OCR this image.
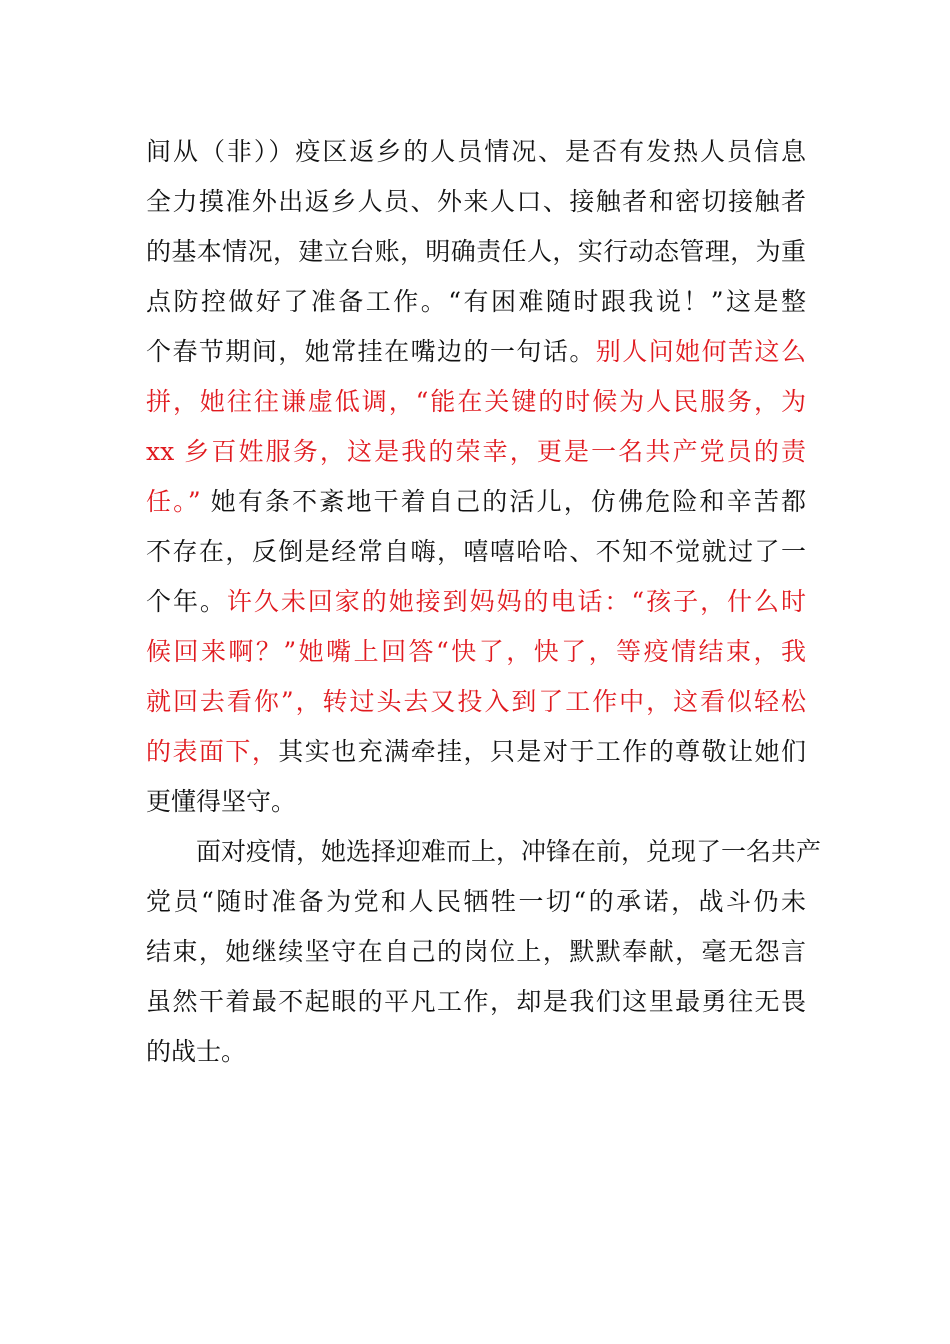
间从（非））疫区返乡的人员情况、是否有发热人员信息
全力摸准外出返乡人员、外来人口、接触者和密切接触者
的基本情况，建立台账，明确责任人，实行动态管理，为重
点防控做好了准备工作。“有困难随时跟我说！”这是整
个春节期间，她常挂在嘴边的一句话。别人问她何苦这么
拼，她往往谦虚低调，“能在关键的时候为人民服务，为
xx 乡百姓服务，这是我的荣幸，更是一名共产党员的责
任。” 她有条不紊地干着自己的活儿，仿佛危险和辛苦都
不存在，反倒是经常自嗨，嘻嘻哈哈、不知不觉就过了一
个年。许久未回家的她接到妈妈的电话：“孩子，什么时
候回来啊？”她嘴上回答“快了，快了，等疫情结束，我
就回去看你”，转过头去又投入到了工作中，这看似轻松
的表面下，其实也充满牵挂，只是对于工作的尊敬让她们
更懂得坚守。
面对疫情，她选择迎难而上，冲锋在前，兑现了一名共产
党员“随时准备为党和人民牺牲一切“的承诺，战斗仍未
结束，她继续坚守在自己的岗位上，默默奉献，毫无怨言
虽然干着最不起眼的平凡工作，却是我们这里最勇往无畏
的战士。
